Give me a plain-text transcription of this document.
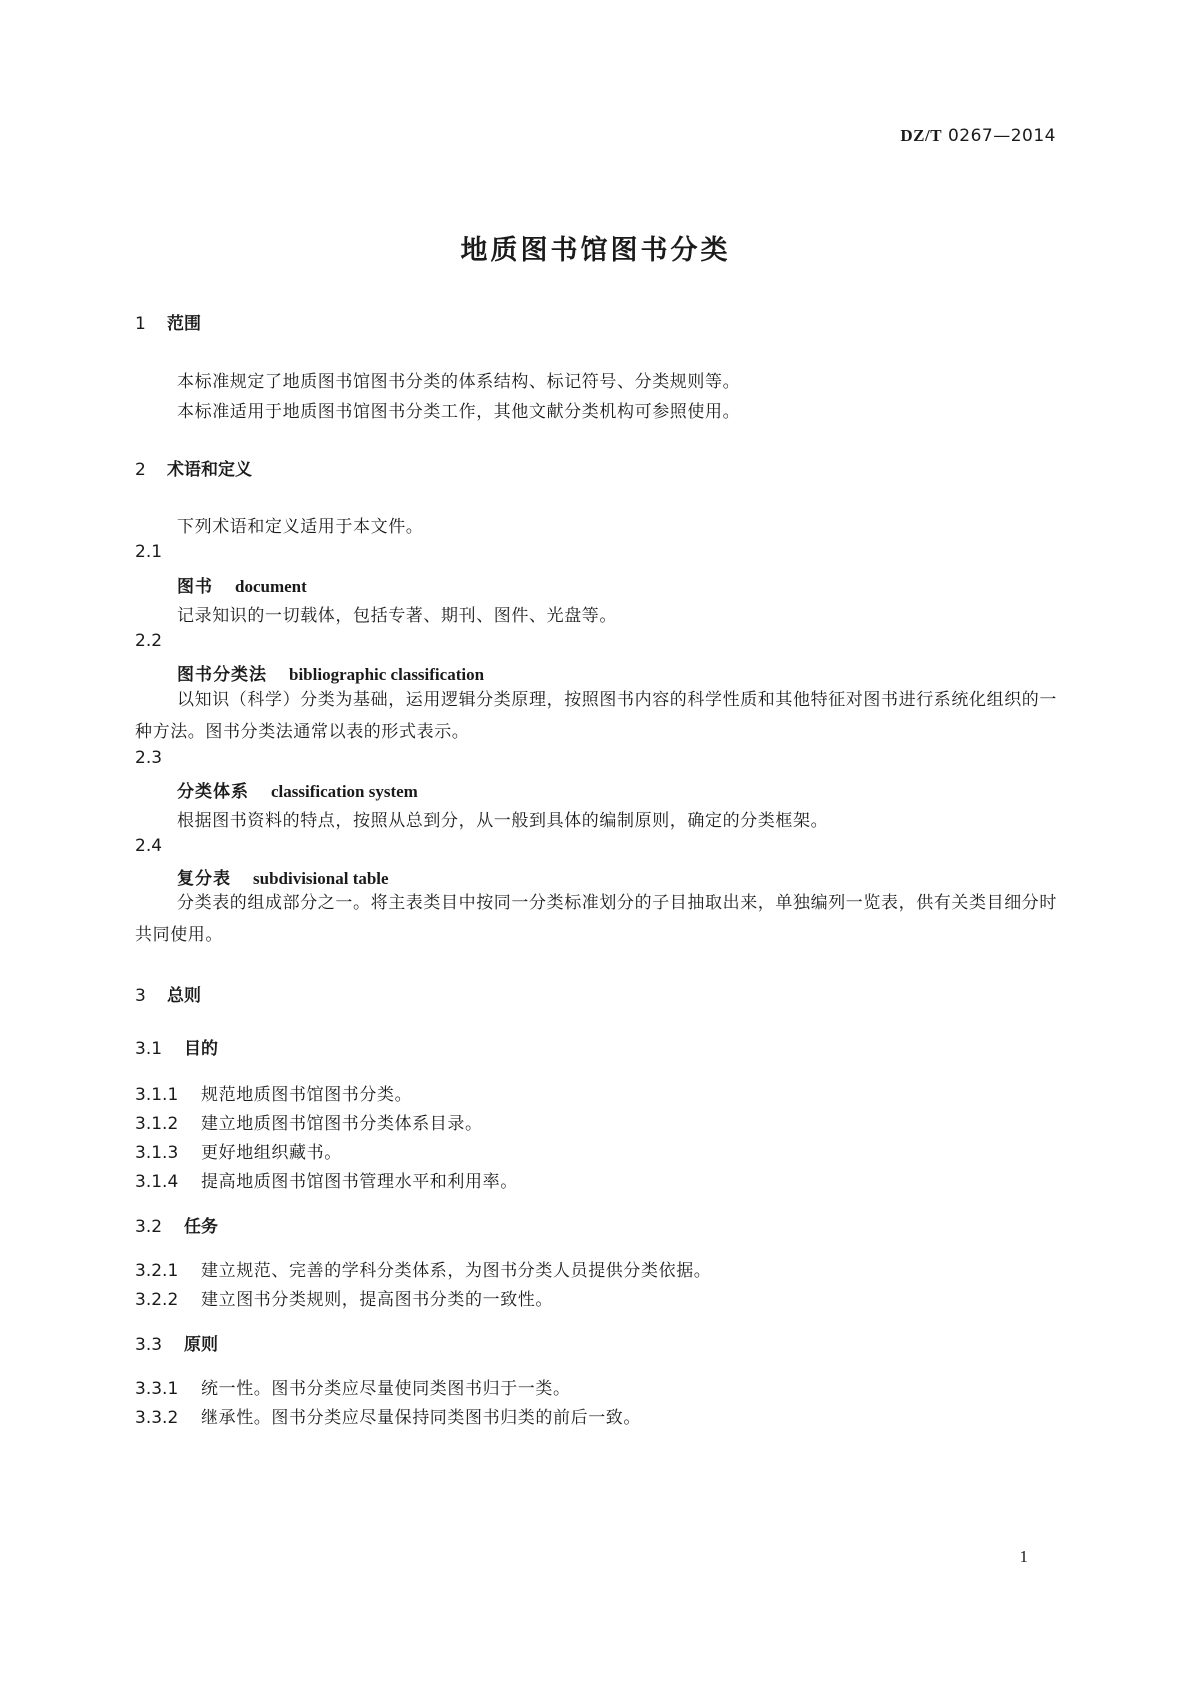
DZ/T 0267—2014
地质图书馆图书分类
1 范围
本标准规定了地质图书馆图书分类的体系结构、标记符号、分类规则等。
本标准适用于地质图书馆图书分类工作，其他文献分类机构可参照使用。
2 术语和定义
下列术语和定义适用于本文件。
2.1
图书 document
记录知识的一切载体，包括专著、期刊、图件、光盘等。
2.2
图书分类法 bibliographic classification
以知识（科学）分类为基础，运用逻辑分类原理，按照图书内容的科学性质和其他特征对图书进行系统化组织的一种方法。图书分类法通常以表的形式表示。
2.3
分类体系 classification system
根据图书资料的特点，按照从总到分，从一般到具体的编制原则，确定的分类框架。
2.4
复分表 subdivisional table
分类表的组成部分之一。将主表类目中按同一分类标准划分的子目抽取出来，单独编列一览表，供有关类目细分时共同使用。
3 总则
3.1 目的
3.1.1 规范地质图书馆图书分类。
3.1.2 建立地质图书馆图书分类体系目录。
3.1.3 更好地组织藏书。
3.1.4 提高地质图书馆图书管理水平和利用率。
3.2 任务
3.2.1 建立规范、完善的学科分类体系，为图书分类人员提供分类依据。
3.2.2 建立图书分类规则，提高图书分类的一致性。
3.3 原则
3.3.1 统一性。图书分类应尽量使同类图书归于一类。
3.3.2 继承性。图书分类应尽量保持同类图书归类的前后一致。
1
